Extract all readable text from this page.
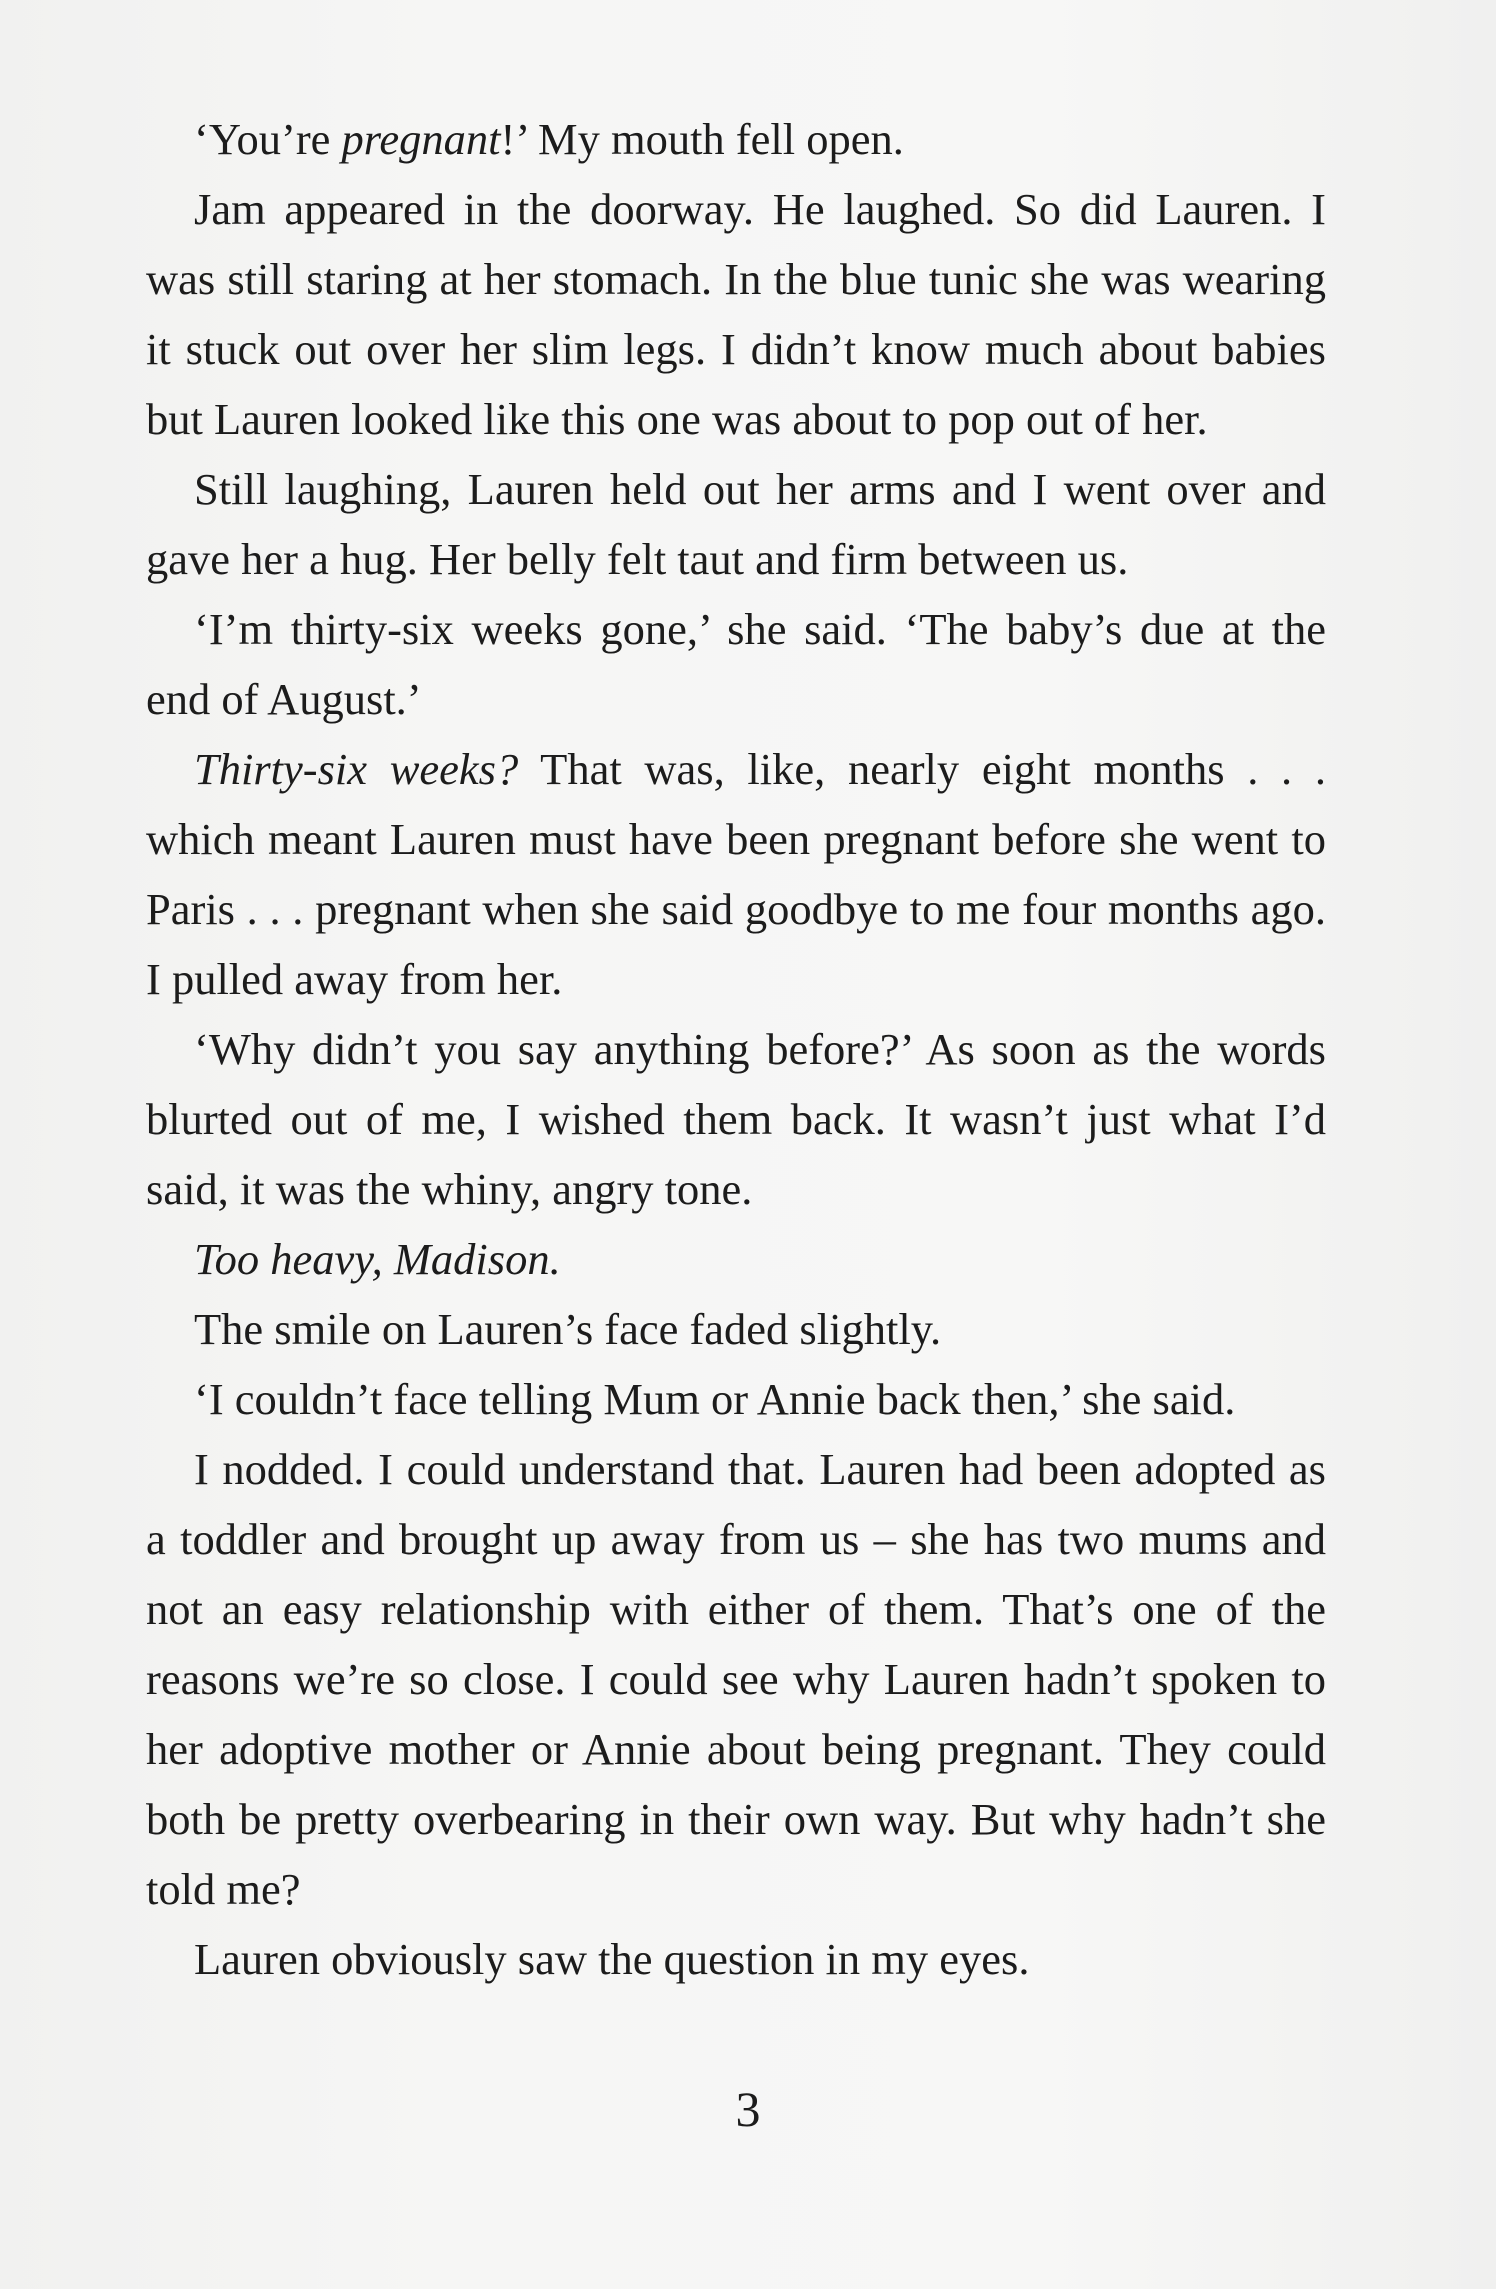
‘You’re pregnant!’ My mouth fell open.

Jam appeared in the doorway. He laughed. So did Lauren. I was still staring at her stomach. In the blue tunic she was wearing it stuck out over her slim legs. I didn’t know much about babies but Lauren looked like this one was about to pop out of her.

Still laughing, Lauren held out her arms and I went over and gave her a hug. Her belly felt taut and firm between us.

‘I’m thirty-six weeks gone,’ she said. ‘The baby’s due at the end of August.’

Thirty-six weeks? That was, like, nearly eight months . . . which meant Lauren must have been pregnant before she went to Paris . . . pregnant when she said goodbye to me four months ago. I pulled away from her.

‘Why didn’t you say anything before?’ As soon as the words blurted out of me, I wished them back. It wasn’t just what I’d said, it was the whiny, angry tone.

Too heavy, Madison.

The smile on Lauren’s face faded slightly.

‘I couldn’t face telling Mum or Annie back then,’ she said.

I nodded. I could understand that. Lauren had been adopted as a toddler and brought up away from us – she has two mums and not an easy relationship with either of them. That’s one of the reasons we’re so close. I could see why Lauren hadn’t spoken to her adoptive mother or Annie about being pregnant. They could both be pretty overbearing in their own way. But why hadn’t she told me?

Lauren obviously saw the question in my eyes.

3
